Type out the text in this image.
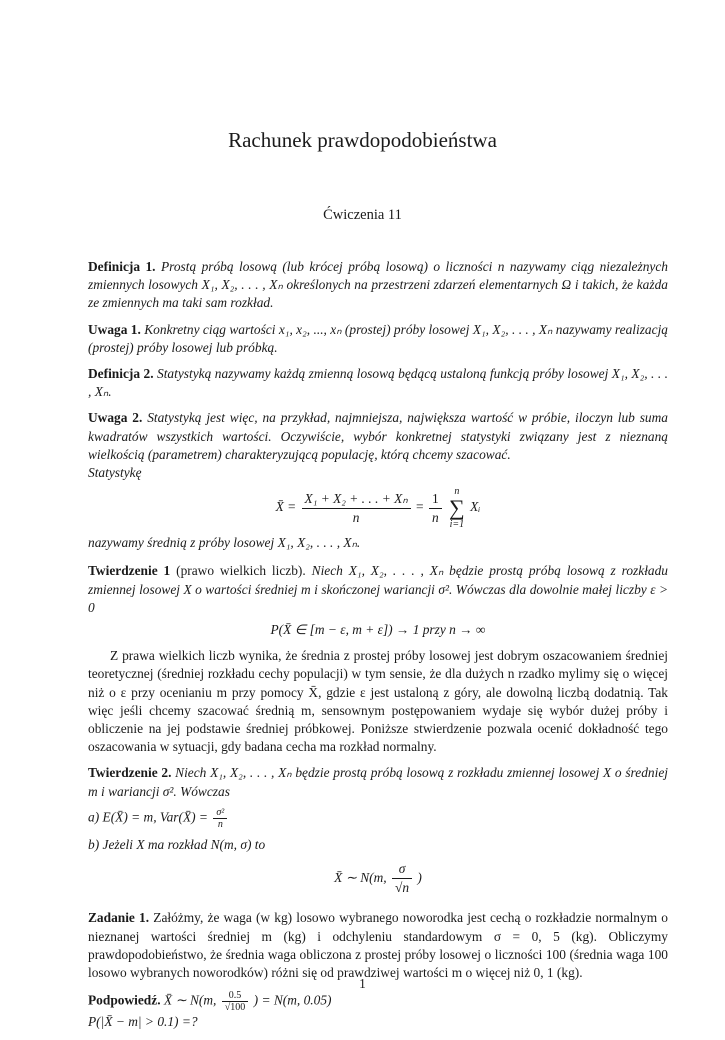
Rachunek prawdopodobieństwa
Ćwiczenia 11

Definicja 1. Prostą próbą losową (lub krócej próbą losową) o liczności n nazywamy ciąg niezależnych zmiennych losowych X₁, X₂, . . . , Xₙ określonych na przestrzeni zdarzeń elementarnych Ω i takich, że każda ze zmiennych ma taki sam rozkład.

Uwaga 1. Konkretny ciąg wartości x₁, x₂, ..., xₙ (prostej) próby losowej X₁, X₂, . . . , Xₙ nazywamy realizacją (prostej) próby losowej lub próbką.

Definicja 2. Statystyką nazywamy każdą zmienną losową będącą ustaloną funkcją próby losowej X₁, X₂, . . . , Xₙ.

Uwaga 2. Statystyką jest więc, na przykład, najmniejsza, największa wartość w próbie, iloczyn lub suma kwadratów wszystkich wartości. Oczywiście, wybór konkretnej statystyki związany jest z nieznaną wielkością (parametrem) charakteryzującą populację, którą chcemy szacować.
Statystykę
X̄ = $\frac{\text{X₁ + X₂ + . . . + Xₙ}}{n} = \frac{1}{n}$
	n
∑
i=1
Xᵢ
nazywamy średnią z próby losowej X₁, X₂, . . . , Xₙ.
Twierdzenie 1 (prawo wielkich liczb). Niech X₁, X₂, . . . , Xₙ będzie prostą próbą losową z rozkładu zmiennej losowej X o wartości średniej m i skończonej wariancji σ². Wówczas dla dowolnie małej liczby ε > 0
P(X̄ ∈ [m − ε, m + ε]) → 1 przy n → ∞

Z prawa wielkich liczb wynika, że średnia z prostej próby losowej jest dobrym oszacowaniem średniej teoretycznej (średniej rozkładu cechy populacji) w tym sensie, że dla dużych n rzadko mylimy się o więcej niż o ε przy ocenianiu m przy pomocy X̄, gdzie ε jest ustaloną z góry, ale dowolną liczbą dodatnią. Tak więc jeśli chcemy szacować średnią m, sensownym postępowaniem wydaje się wybór dużej próby i obliczenie na jej podstawie średniej próbkowej. Poniższe stwierdzenie pozwala ocenić dokładność tego oszacowania w sytuacji, gdy badana cecha ma rozkład normalny.

Twierdzenie 2. Niech X₁, X₂, . . . , Xₙ będzie prostą próbą losową z rozkładu zmiennej losowej X o średniej m i wariancji σ². Wówczas
a) E(X̄) = m, Var(X̄) = $\frac{\text{σ²}}{n}$
b) Jeżeli X ma rozkład N(m, σ) to
X̄ ∼ N(m, $\frac{\sigma}{√n}$ )

Zadanie 1. Załóżmy, że waga (w kg) losowo wybranego noworodka jest cechą o rozkładzie normalnym o nieznanej wartości średniej m (kg) i odchyleniu standardowym σ = 0, 5 (kg). Obliczymy prawdopodobieństwo, że średnia waga obliczona z prostej próby losowej o liczności 100 (średnia waga 100 losowo wybranych noworodków) różni się od prawdziwej wartości m o więcej niż 0, 1 (kg).

Podpowiedź. X̄ ∼ N(m, $\frac{0.5}{√100}$ ) = N(m, 0.05)
P(|X̄ − m| > 0.1) =?
1
